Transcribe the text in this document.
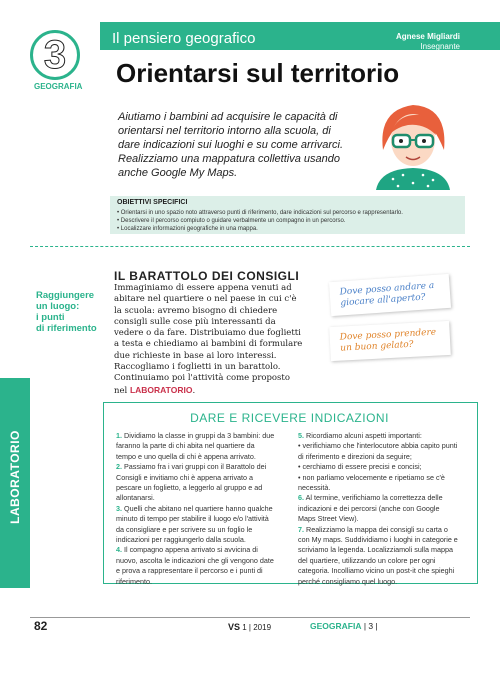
Il pensiero geografico	Agnese Migliardi
Insegnante
3
GEOGRAFIA Orientarsi sul territorio
Aiutiamo i bambini ad acquisire le capacità di orientarsi nel territorio intorno alla scuola, di dare indicazioni sui luoghi e su come arrivarci. Realizziamo una mappatura collettiva usando anche Google My Maps.
OBIETTIVI SPECIFICI
• Orientarsi in uno spazio noto attraverso punti di riferimento, dare indicazioni sul percorso e rappresentarlo.
• Descrivere il percorso compiuto o guidare verbalmente un compagno in un percorso.
• Localizzare informazioni geografiche in una mappa.
Raggiungere
un luogo:
i punti
di riferimento
IL BARATTOLO DEI CONSIGLI
Immaginiamo di essere appena venuti ad abitare nel quartiere o nel paese in cui c'è la scuola: avremo bisogno di chiedere consigli sulle cose più interessanti da vedere o da fare. Distribuiamo due foglietti a testa e chiediamo ai bambini di formulare due richieste in base ai loro interessi. Raccogliamo i foglietti in un barattolo. Continuiamo poi l'attività come proposto nel LABORATORIO.
Dove posso andare a giocare all'aperto?
Dove posso prendere un buon gelato?
LABORATORIO
DARE E RICEVERE INDICAZIONI

1. Dividiamo la classe in gruppi da 3 bambini: due faranno la parte di chi abita nel quartiere da tempo e uno quella di chi è appena arrivato.

2. Passiamo fra i vari gruppi con il Barattolo dei Consigli e invitiamo chi è appena arrivato a pescare un foglietto, a leggerlo al gruppo e ad allontanarsi.

3. Quelli che abitano nel quartiere hanno qualche minuto di tempo per stabilire il luogo e/o l'attività da consigliare e per scrivere su un foglio le indicazioni per raggiungerlo dalla scuola.

4. Il compagno appena arrivato si avvicina di nuovo, ascolta le indicazioni che gli vengono date e prova a rappresentare il percorso e i punti di riferimento.

5. Ricordiamo alcuni aspetti importanti:

• verifichiamo che l'interlocutore abbia capito punti di riferimento e direzioni da seguire;

• cerchiamo di essere precisi e concisi;

• non parliamo velocemente e ripetiamo se c'è necessità.

6. Al termine, verifichiamo la correttezza delle indicazioni e dei percorsi (anche con Google Maps Street View).

7. Realizziamo la mappa dei consigli su carta o con My maps. Suddividiamo i luoghi in categorie e scriviamo la legenda. Localizziamoli sulla mappa del quartiere, utilizzando un colore per ogni categoria. Incolliamo vicino un post-it che spieghi perché consigliamo quel luogo.

82	VS 1 | 2019	GEOGRAFIA | 3 |
